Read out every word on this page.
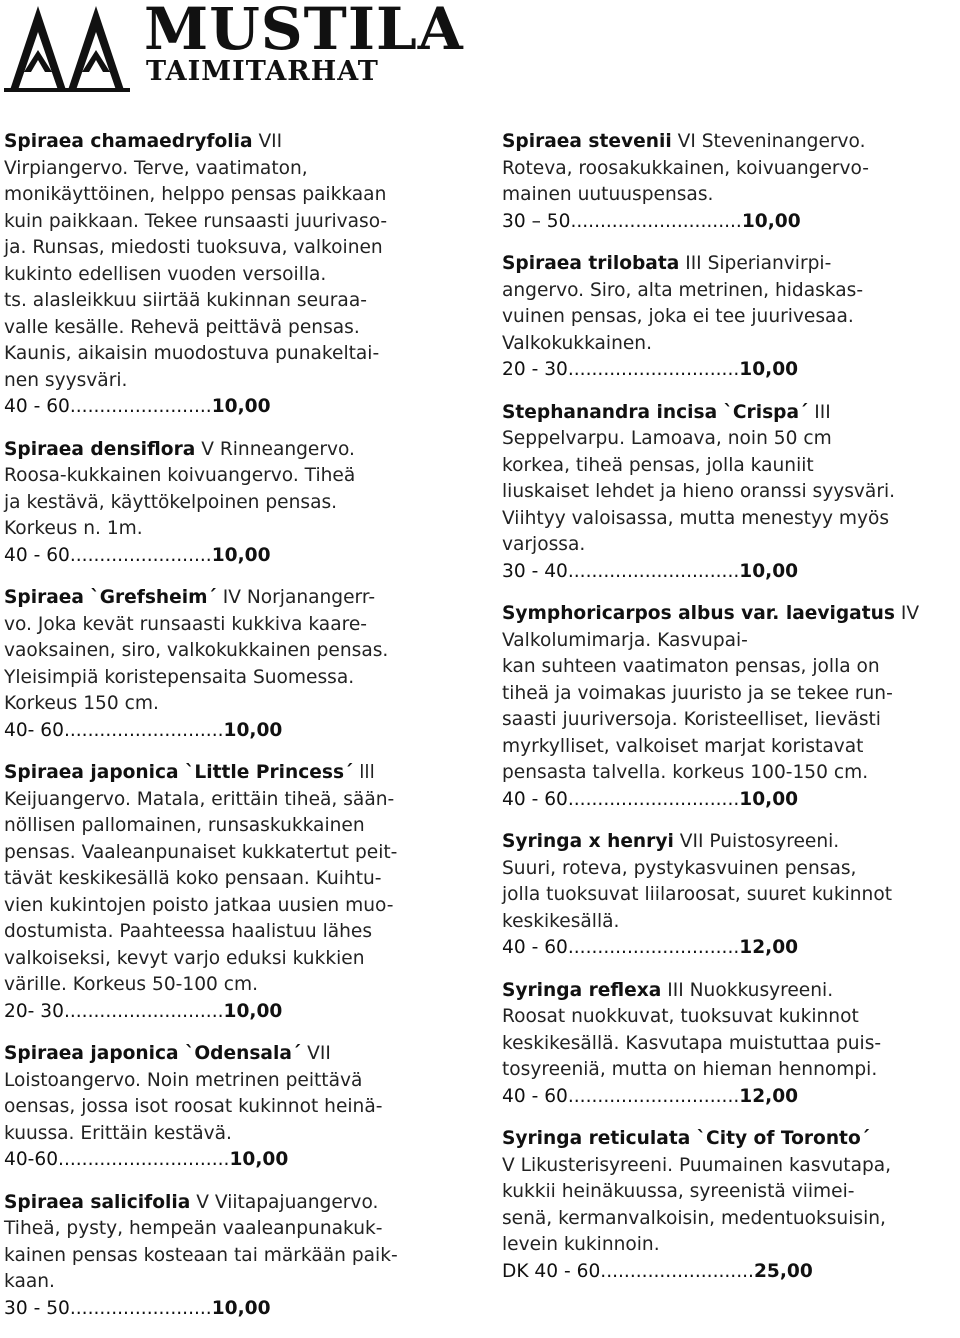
MUSTILA
TAIMITARHAT
Spiraea chamaedryfolia VII
Virpiangervo. Terve, vaatimaton,
monikäyttöinen, helppo pensas paikkaan
kuin paikkaan. Tekee runsaasti juurivaso-
ja. Runsas, miedosti tuoksuva, valkoinen
kukinto edellisen vuoden versoilla.
ts. alasleikkuu siirtää kukinnan seuraa-
valle kesälle. Rehevä peittävä pensas.
Kaunis, aikaisin muodostuva punakeltai-
nen syysväri.
40 - 60 ........................ 10,00
Spiraea densiflora V Rinneangervo.
Roosa-kukkainen koivuangervo. Tiheä
ja kestävä, käyttökelpoinen pensas.
Korkeus n. 1m.
40 - 60 ........................ 10,00
Spiraea `Grefsheim´ IV Norjanangerr-
vo. Joka kevät runsaasti kukkiva kaare-
vaoksainen, siro, valkokukkainen pensas.
Yleisimpiä koristepensaita Suomessa.
Korkeus 150 cm.
40- 60 ........................... 10,00
Spiraea japonica `Little Princess´ lll
Keijuangervo. Matala, erittäin tiheä, sään-
nöllisen pallomainen, runsaskukkainen
pensas. Vaaleanpunaiset kukkatertut peit-
tävät keskikesällä koko pensaan. Kuihtu-
vien kukintojen poisto jatkaa uusien muo-
dostumista. Paahteessa haalistuu lähes
valkoiseksi, kevyt varjo eduksi kukkien
värille. Korkeus 50-100 cm.
20- 30 ........................... 10,00
Spiraea japonica `Odensala´ VII
Loistoangervo. Noin metrinen peittävä
oensas, jossa isot roosat kukinnot heinä-
kuussa. Erittäin kestävä.
40-60 ............................. 10,00
Spiraea salicifolia V Viitapajuangervo.
Tiheä, pysty, hempeän vaaleanpunakuk-
kainen pensas kosteaan tai märkään paik-
kaan.
30 - 50 ........................ 10,00
Spiraea stevenii VI Steveninangervo.
Roteva, roosakukkainen, koivuangervo-
mainen uutuuspensas.
30 – 50 ............................. 10,00
Spiraea trilobata III Siperianvirpi-
angervo. Siro, alta metrinen, hidaskas-
vuinen pensas, joka ei tee juurivesaa.
Valkokukkainen.
20 - 30 ............................. 10,00
Stephanandra incisa `Crispa´ III
Seppelvarpu. Lamoava, noin 50 cm
korkea, tiheä pensas, jolla kauniit
liuskaiset lehdet ja hieno oranssi syysväri.
Viihtyy valoisassa, mutta menestyy myös
varjossa.
30 - 40 ............................. 10,00
Symphoricarpos albus var. laevigatus IV Valkolumimarja. Kasvupai-
kan suhteen vaatimaton pensas, jolla on
tiheä ja voimakas juuristo ja se tekee run-
saasti juuriversoja. Koristeelliset, lievästi
myrkylliset, valkoiset marjat koristavat
pensasta talvella. korkeus 100-150 cm.
40 - 60 ............................. 10,00
Syringa x henryi VII Puistosyreeni.
Suuri, roteva, pystykasvuinen pensas,
jolla tuoksuvat liilaroosat, suuret kukinnot
keskikesällä.
40 - 60 ............................. 12,00
Syringa reflexa III Nuokkusyreeni.
Roosat nuokkuvat, tuoksuvat kukinnot
keskikesällä. Kasvutapa muistuttaa puis-
tosyreeniä, mutta on hieman hennompi.
40 - 60 ............................. 12,00
Syringa reticulata `City of Toronto´
V Likusterisyreeni. Puumainen kasvutapa,
kukkii heinäkuussa, syreenistä viimei-
senä, kermanvalkoisin, medentuoksuisin,
levein kukinnoin.
DK 40 - 60 .......................... 25,00
